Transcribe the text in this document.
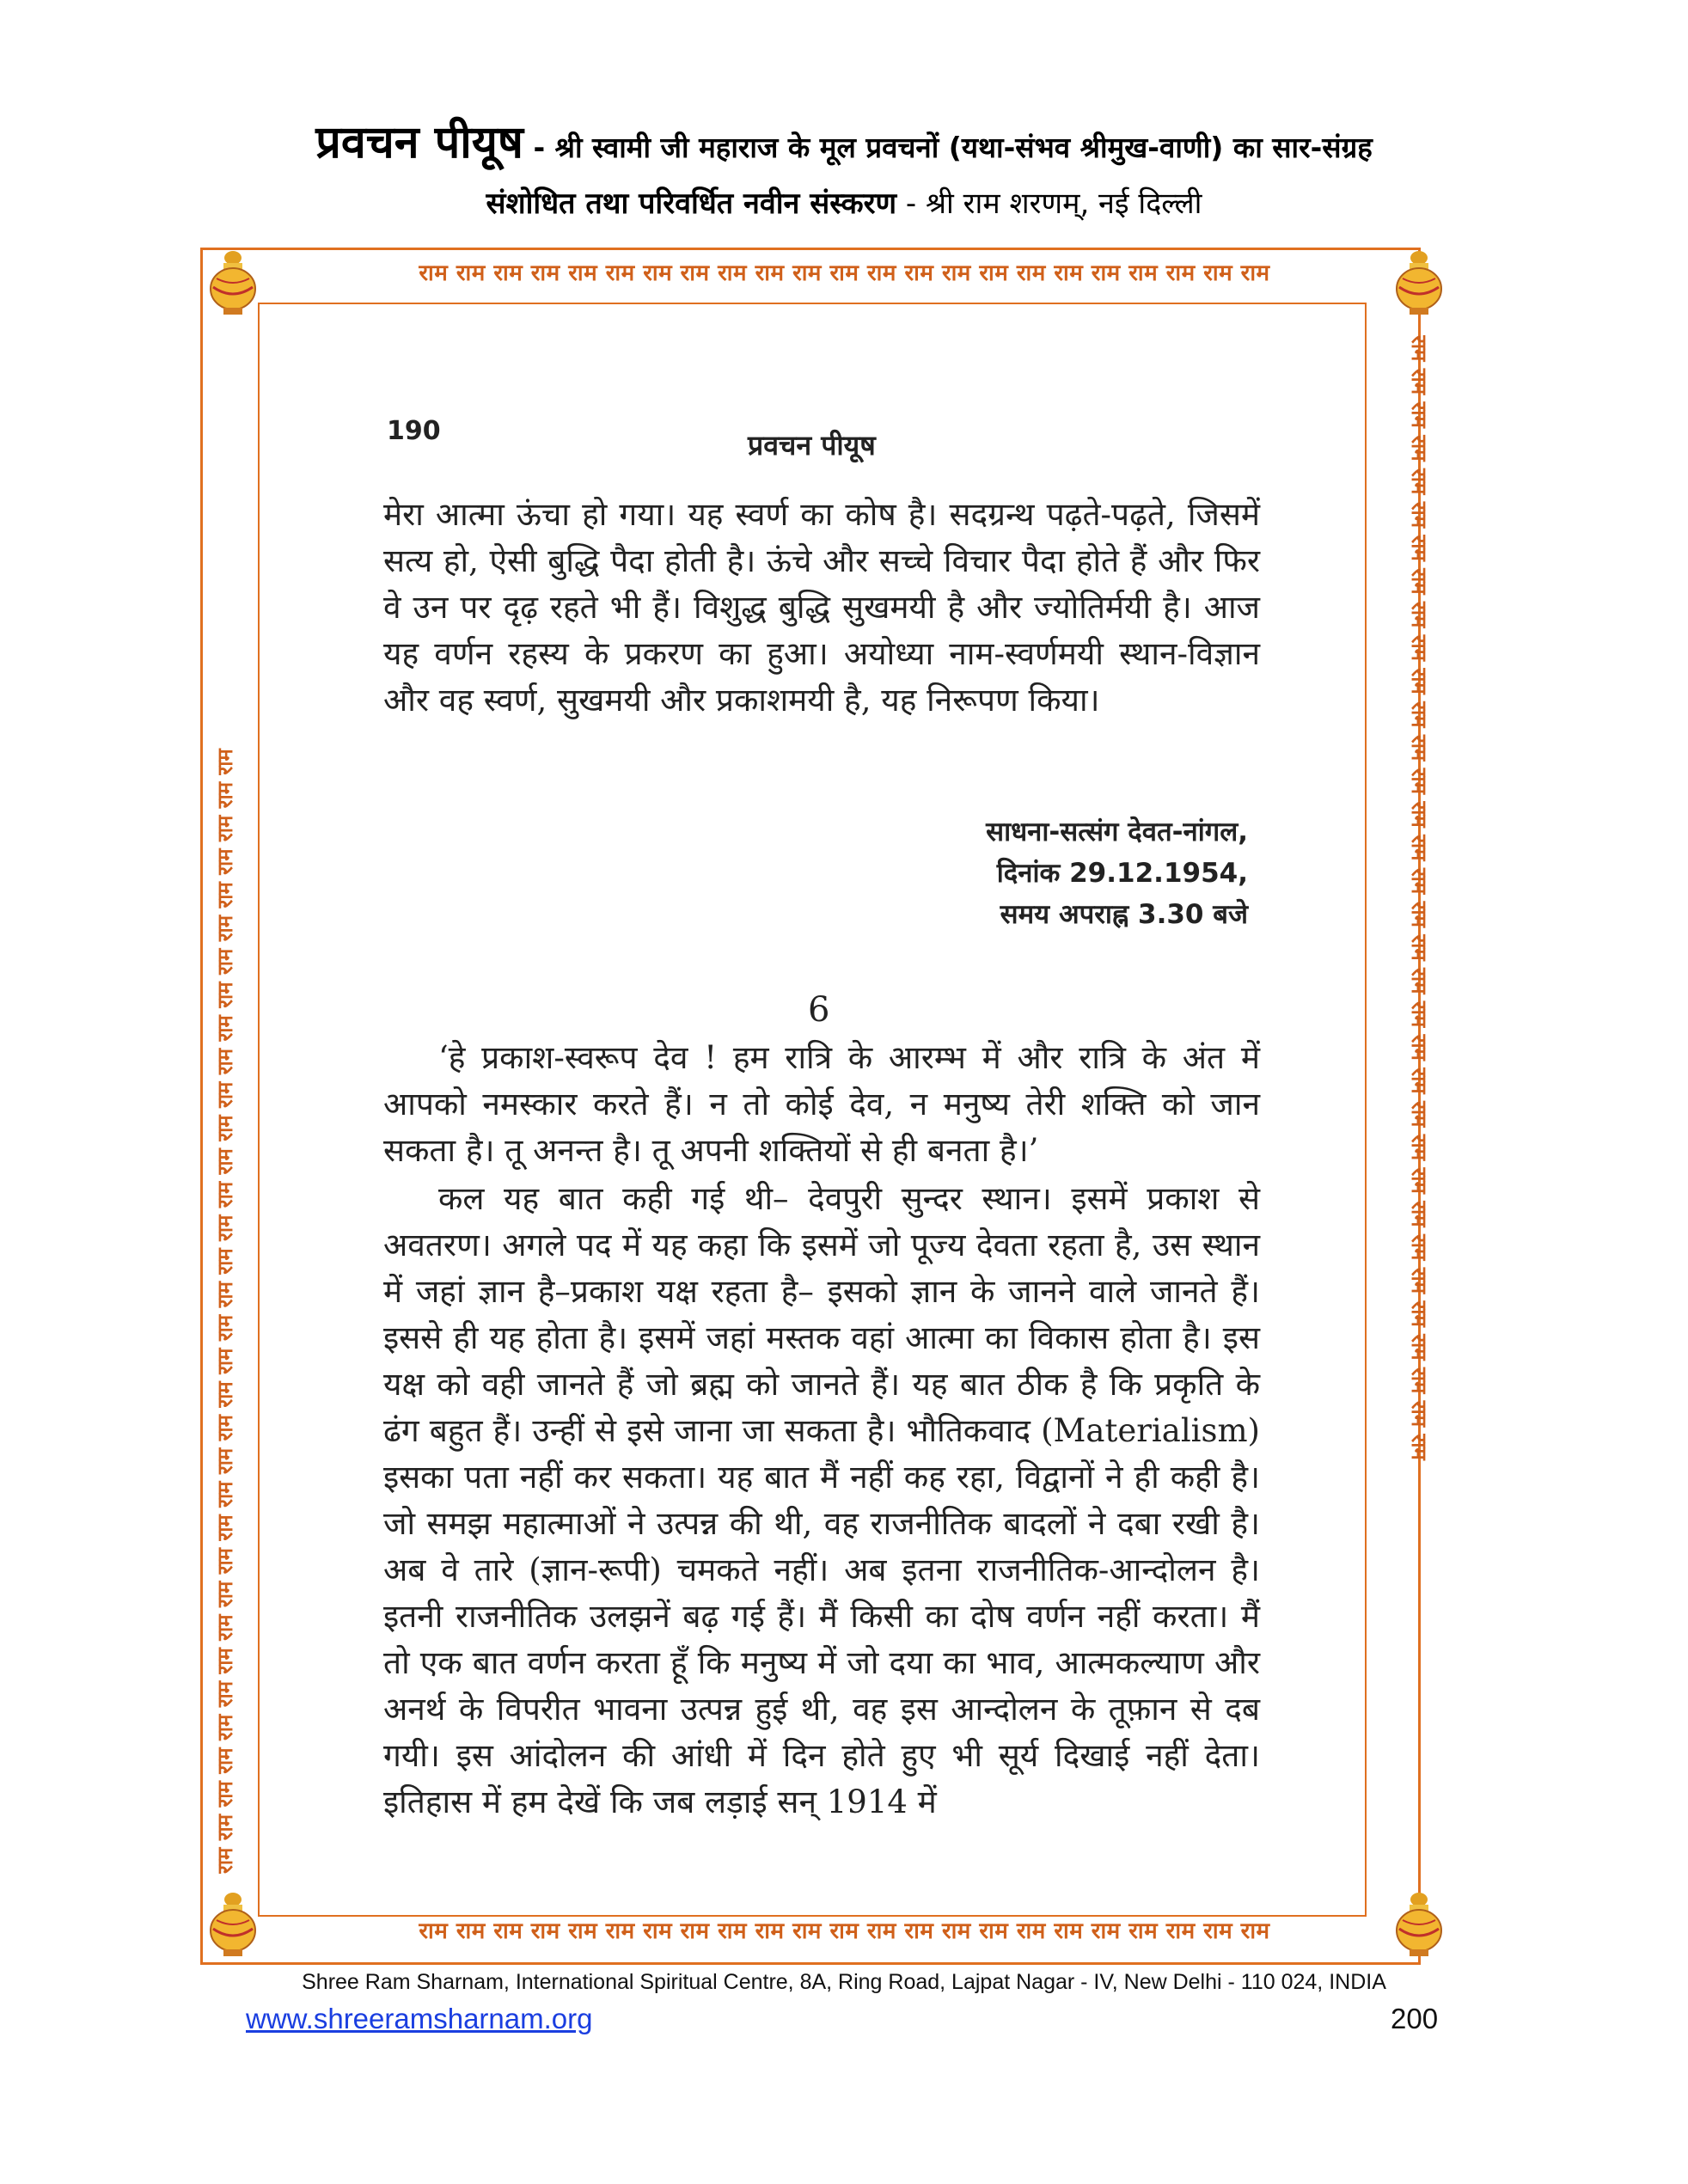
प्रवचन पीयूष - श्री स्वामी जी महाराज के मूल प्रवचनों (यथा-संभव श्रीमुख-वाणी) का सार-संग्रह
संशोधित तथा परिवर्धित नवीन संस्करण - श्री राम शरणम्, नई दिल्ली
राम राम राम राम राम राम राम राम राम राम राम राम राम राम राम राम राम राम राम राम राम राम राम
राम राम राम राम राम राम राम राम राम राम राम राम राम राम राम राम राम राम राम राम राम राम राम
राम राम राम राम राम राम राम राम राम राम राम राम राम राम राम राम राम राम राम राम राम राम राम राम राम राम राम राम राम राम राम राम राम राम	राम राम राम राम राम राम राम राम राम राम राम राम राम राम राम राम राम राम राम राम राम राम राम राम राम राम राम राम राम राम राम राम राम राम
190	प्रवचन पीयूष
मेरा आत्मा ऊंचा हो गया। यह स्वर्ण का कोष है। सदग्रन्थ पढ़ते-पढ़ते, जिसमें सत्य हो, ऐसी बुद्धि पैदा होती है। ऊंचे और सच्चे विचार पैदा होते हैं और फिर वे उन पर दृढ़ रहते भी हैं। विशुद्ध बुद्धि सुखमयी है और ज्योतिर्मयी है। आज यह वर्णन रहस्य के प्रकरण का हुआ। अयोध्या नाम-स्वर्णमयी स्थान-विज्ञान और वह स्वर्ण, सुखमयी और प्रकाशमयी है, यह निरूपण किया।
साधना-सत्संग देवत-नांगल,
दिनांक 29.12.1954,
समय अपराह्न 3.30 बजे
6
‘हे प्रकाश-स्वरूप देव ! हम रात्रि के आरम्भ में और रात्रि के अंत में आपको नमस्कार करते हैं। न तो कोई देव, न मनुष्य तेरी शक्ति को जान सकता है। तू अनन्त है। तू अपनी शक्तियों से ही बनता है।’
कल यह बात कही गई थी– देवपुरी सुन्दर स्थान। इसमें प्रकाश से अवतरण। अगले पद में यह कहा कि इसमें जो पूज्य देवता रहता है, उस स्थान में जहां ज्ञान है–प्रकाश यक्ष रहता है– इसको ज्ञान के जानने वाले जानते हैं। इससे ही यह होता है। इसमें जहां मस्तक वहां आत्मा का विकास होता है। इस यक्ष को वही जानते हैं जो ब्रह्म को जानते हैं। यह बात ठीक है कि प्रकृति के ढंग बहुत हैं। उन्हीं से इसे जाना जा सकता है। भौतिकवाद (Materialism) इसका पता नहीं कर सकता। यह बात मैं नहीं कह रहा, विद्वानों ने ही कही है। जो समझ महात्माओं ने उत्पन्न की थी, वह राजनीतिक बादलों ने दबा रखी है। अब वे तारे (ज्ञान-रूपी) चमकते नहीं। अब इतना राजनीतिक-आन्दोलन है। इतनी राजनीतिक उलझनें बढ़ गई हैं। मैं किसी का दोष वर्णन नहीं करता। मैं तो एक बात वर्णन करता हूँ कि मनुष्य में जो दया का भाव, आत्मकल्याण और अनर्थ के विपरीत भावना उत्पन्न हुई थी, वह इस आन्दोलन के तूफ़ान से दब गयी। इस आंदोलन की आंधी में दिन होते हुए भी सूर्य दिखाई नहीं देता। इतिहास में हम देखें कि जब लड़ाई सन् 1914 में
Shree Ram Sharnam, International Spiritual Centre, 8A, Ring Road, Lajpat Nagar - IV, New Delhi - 110 024, INDIA
www.shreeramsharnam.org	200
